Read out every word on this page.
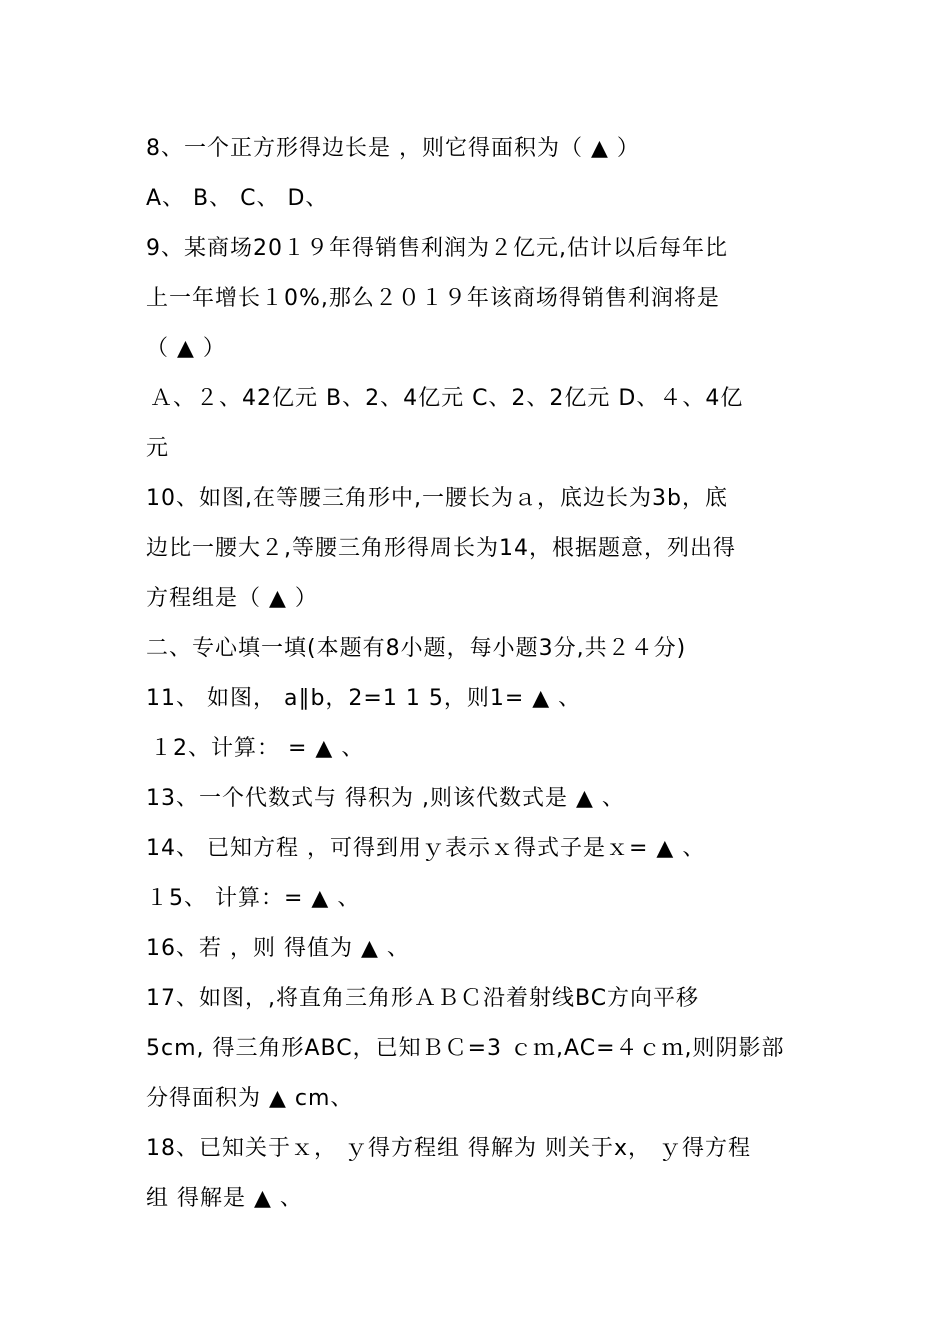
8、一个正方形得边长是 ，则它得面积为（ ▲ ）
A、 B、 C、 D、
9、某商场20１９年得销售利润为２亿元,估计以后每年比
上一年增长１0%,那么２０１９年该商场得销售利润将是
（ ▲ ）
Ａ、２、42亿元 B、2、4亿元 C、2、2亿元 D、４、4亿
元
10、如图,在等腰三角形中,一腰长为ａ，底边长为3b，底
边比一腰大２,等腰三角形得周长为14，根据题意，列出得
方程组是（ ▲ ）
二、专心填一填(本题有8小题，每小题3分,共２４分)
11、 如图， a∥b，2=1 1 5，则1= ▲ 、
１2、计算： = ▲ 、
13、一个代数式与 得积为 ,则该代数式是 ▲ 、
14、 已知方程 ，可得到用ｙ表示ｘ得式子是ｘ= ▲ 、
１5、 计算：= ▲ 、
16、若 ，则 得值为 ▲ 、
17、如图，,将直角三角形ＡＢＣ沿着射线BC方向平移
5cm, 得三角形ABC，已知ＢＣ=3 ｃｍ,AC=４ｃｍ,则阴影部
分得面积为 ▲ cm、
18、已知关于ｘ， ｙ得方程组 得解为 则关于x， ｙ得方程
组 得解是 ▲ 、
